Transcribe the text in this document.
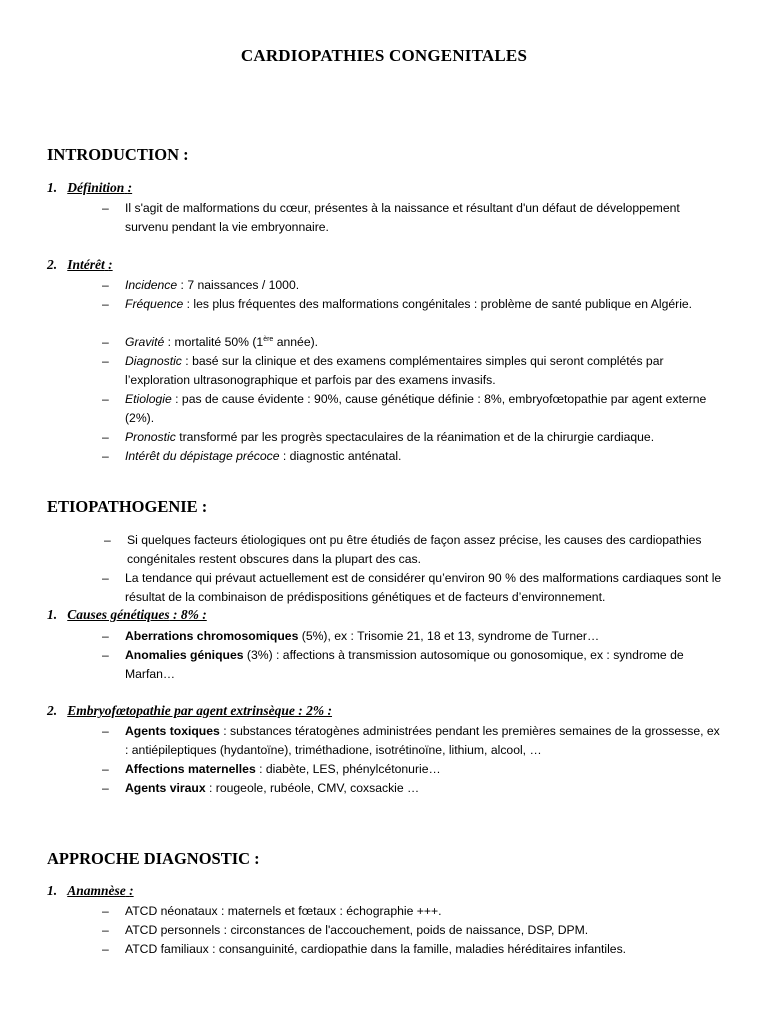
CARDIOPATHIES CONGENITALES
INTRODUCTION :
1. Définition :
–	Il s'agit de malformations du cœur, présentes à la naissance et résultant d'un défaut de développement survenu pendant la vie embryonnaire.
2. Intérêt :
–	Incidence : 7 naissances / 1000.
–	Fréquence : les plus fréquentes des malformations congénitales : problème de santé publique en Algérie.
–	Gravité : mortalité 50% (1ère année).
–	Diagnostic : basé sur la clinique et des examens complémentaires simples qui seront complétés par l’exploration ultrasonographique et parfois par des examens invasifs.
–	Etiologie : pas de cause évidente : 90%, cause génétique définie : 8%, embryofœtopathie par agent externe (2%).
–	Pronostic transformé par les progrès spectaculaires de la réanimation et de la chirurgie cardiaque.
–	Intérêt du dépistage précoce : diagnostic anténatal.
ETIOPATHOGENIE :
–	Si quelques facteurs étiologiques ont pu être étudiés de façon assez précise, les causes des cardiopathies congénitales restent obscures dans la plupart des cas.
–	La tendance qui prévaut actuellement est de considérer qu’environ 90 % des malformations cardiaques sont le résultat de la combinaison de prédispositions génétiques et de facteurs d’environnement.
1. Causes génétiques : 8% :
–	Aberrations chromosomiques (5%), ex : Trisomie 21, 18 et 13, syndrome de Turner…
–	Anomalies géniques (3%) : affections à transmission autosomique ou gonosomique, ex : syndrome de Marfan…
2. Embryofœtopathie par agent extrinsèque : 2% :
–	Agents toxiques : substances tératogènes administrées pendant les premières semaines de la grossesse, ex : antiépileptiques (hydantoïne), triméthadione, isotrétinoïne, lithium, alcool, …
–	Affections maternelles : diabète, LES, phénylcétonurie…
–	Agents viraux : rougeole, rubéole, CMV, coxsackie …
APPROCHE DIAGNOSTIC :
1. Anamnèse :
–	ATCD néonataux : maternels et fœtaux : échographie +++.
–	ATCD personnels : circonstances de l'accouchement, poids de naissance, DSP, DPM.
–	ATCD familiaux : consanguinité, cardiopathie dans la famille, maladies héréditaires infantiles.
